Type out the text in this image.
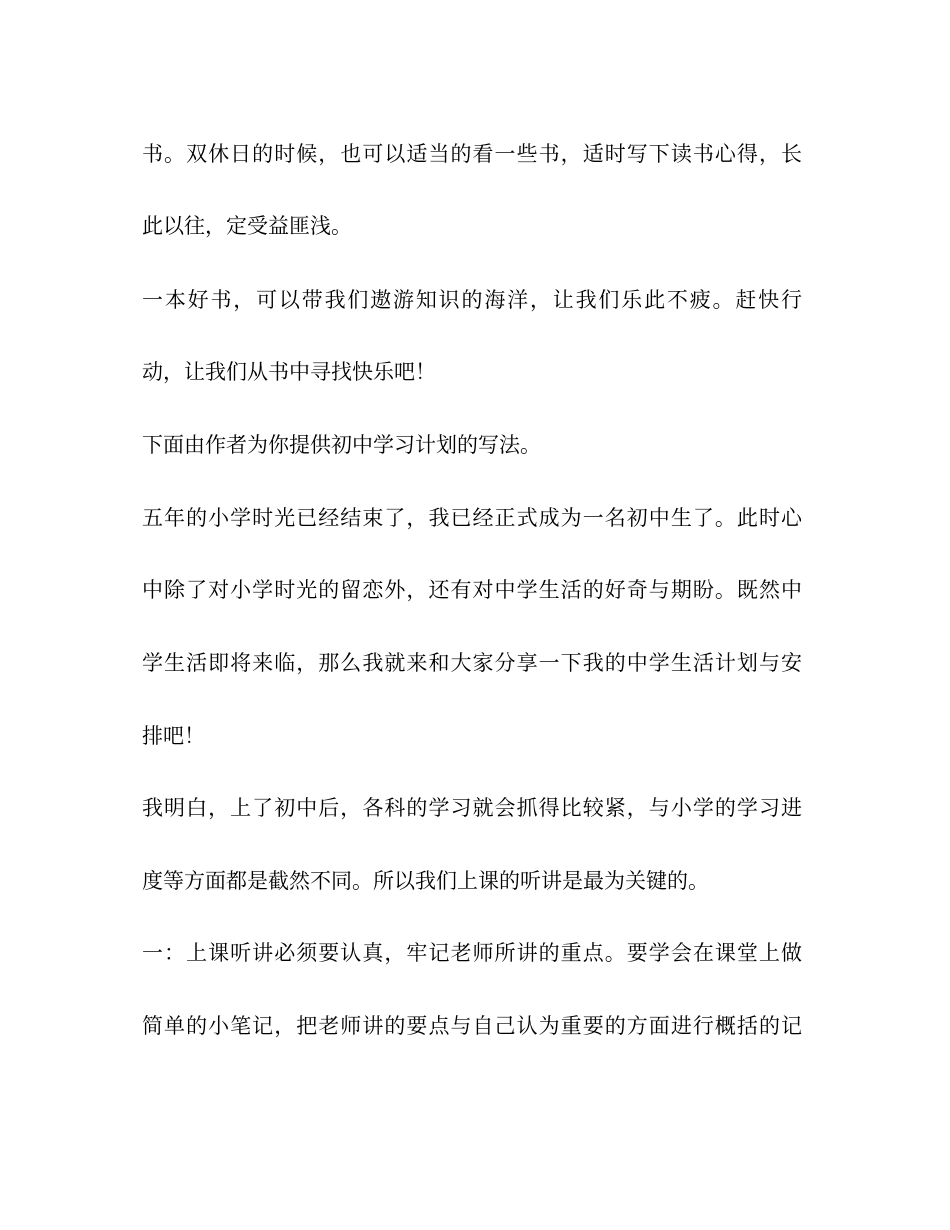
书。双休日的时候，也可以适当的看一些书，适时写下读书心得，长

此以往，定受益匪浅。

一本好书，可以带我们遨游知识的海洋，让我们乐此不疲。赶快行

动，让我们从书中寻找快乐吧！

下面由作者为你提供初中学习计划的写法。

五年的小学时光已经结束了，我已经正式成为一名初中生了。此时心

中除了对小学时光的留恋外，还有对中学生活的好奇与期盼。既然中

学生活即将来临，那么我就来和大家分享一下我的中学生活计划与安

排吧！

我明白，上了初中后，各科的学习就会抓得比较紧，与小学的学习进

度等方面都是截然不同。所以我们上课的听讲是最为关键的。

一：上课听讲必须要认真，牢记老师所讲的重点。要学会在课堂上做

简单的小笔记，把老师讲的要点与自己认为重要的方面进行概括的记
